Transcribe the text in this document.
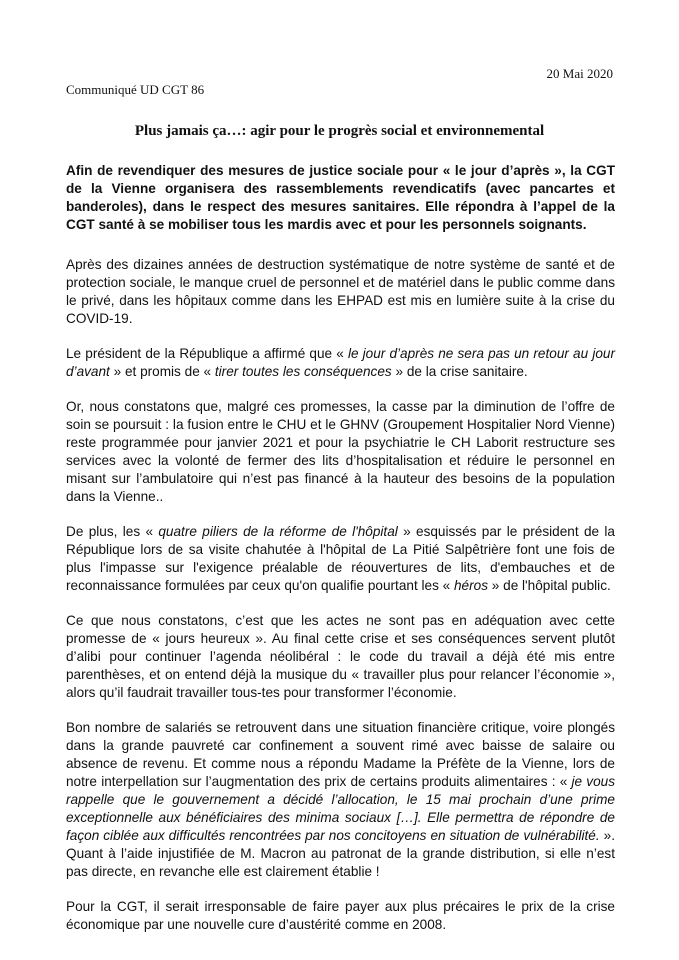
20 Mai 2020
Communiqué UD CGT 86
Plus jamais ça…: agir pour le progrès social et environnemental
Afin de revendiquer des mesures de justice sociale pour « le jour d’après », la CGT de la Vienne organisera des rassemblements revendicatifs (avec pancartes et banderoles), dans le respect des mesures sanitaires. Elle répondra à l’appel de la CGT santé à se mobiliser tous les mardis avec et pour les personnels soignants.

Après des dizaines années de destruction systématique de notre système de santé et de protection sociale, le manque cruel de personnel et de matériel dans le public comme dans le privé, dans les hôpitaux comme dans les EHPAD est mis en lumière suite à la crise du COVID-19.

Le président de la République a affirmé que « le jour d’après ne sera pas un retour au jour d’avant » et promis de « tirer toutes les conséquences » de la crise sanitaire.

Or, nous constatons que, malgré ces promesses, la casse par la diminution de l’offre de soin se poursuit : la fusion entre le CHU et le GHNV (Groupement Hospitalier Nord Vienne) reste programmée pour janvier 2021 et pour la psychiatrie le CH Laborit restructure ses services avec la volonté de fermer des lits d’hospitalisation et réduire le personnel en misant sur l’ambulatoire qui n’est pas financé à la hauteur des besoins de la population dans la Vienne..

De plus, les « quatre piliers de la réforme de l'hôpital » esquissés par le président de la République lors de sa visite chahutée à l'hôpital de La Pitié Salpêtrière font une fois de plus l'impasse sur l'exigence préalable de réouvertures de lits, d'embauches et de reconnaissance formulées par ceux qu'on qualifie pourtant les « héros » de l'hôpital public.

Ce que nous constatons, c’est que les actes ne sont pas en adéquation avec cette promesse de « jours heureux ». Au final cette crise et ses conséquences servent plutôt d’alibi pour continuer l’agenda néolibéral : le code du travail a déjà été mis entre parenthèses, et on entend déjà la musique du « travailler plus pour relancer l’économie », alors qu’il faudrait travailler tous-tes pour transformer l’économie.

Bon nombre de salariés se retrouvent dans une situation financière critique, voire plongés dans la grande pauvreté car confinement a souvent rimé avec baisse de salaire ou absence de revenu. Et comme nous a répondu Madame la Préfète de la Vienne, lors de notre interpellation sur l’augmentation des prix de certains produits alimentaires : « je vous rappelle que le gouvernement a décidé l’allocation, le 15 mai prochain d’une prime exceptionnelle aux bénéficiaires des minima sociaux […]. Elle permettra de répondre de façon ciblée aux difficultés rencontrées par nos concitoyens en situation de vulnérabilité. ». Quant à l’aide injustifiée de M. Macron au patronat de la grande distribution, si elle n’est pas directe, en revanche elle est clairement établie !

Pour la CGT, il serait irresponsable de faire payer aux plus précaires le prix de la crise économique par une nouvelle cure d’austérité comme en 2008.
